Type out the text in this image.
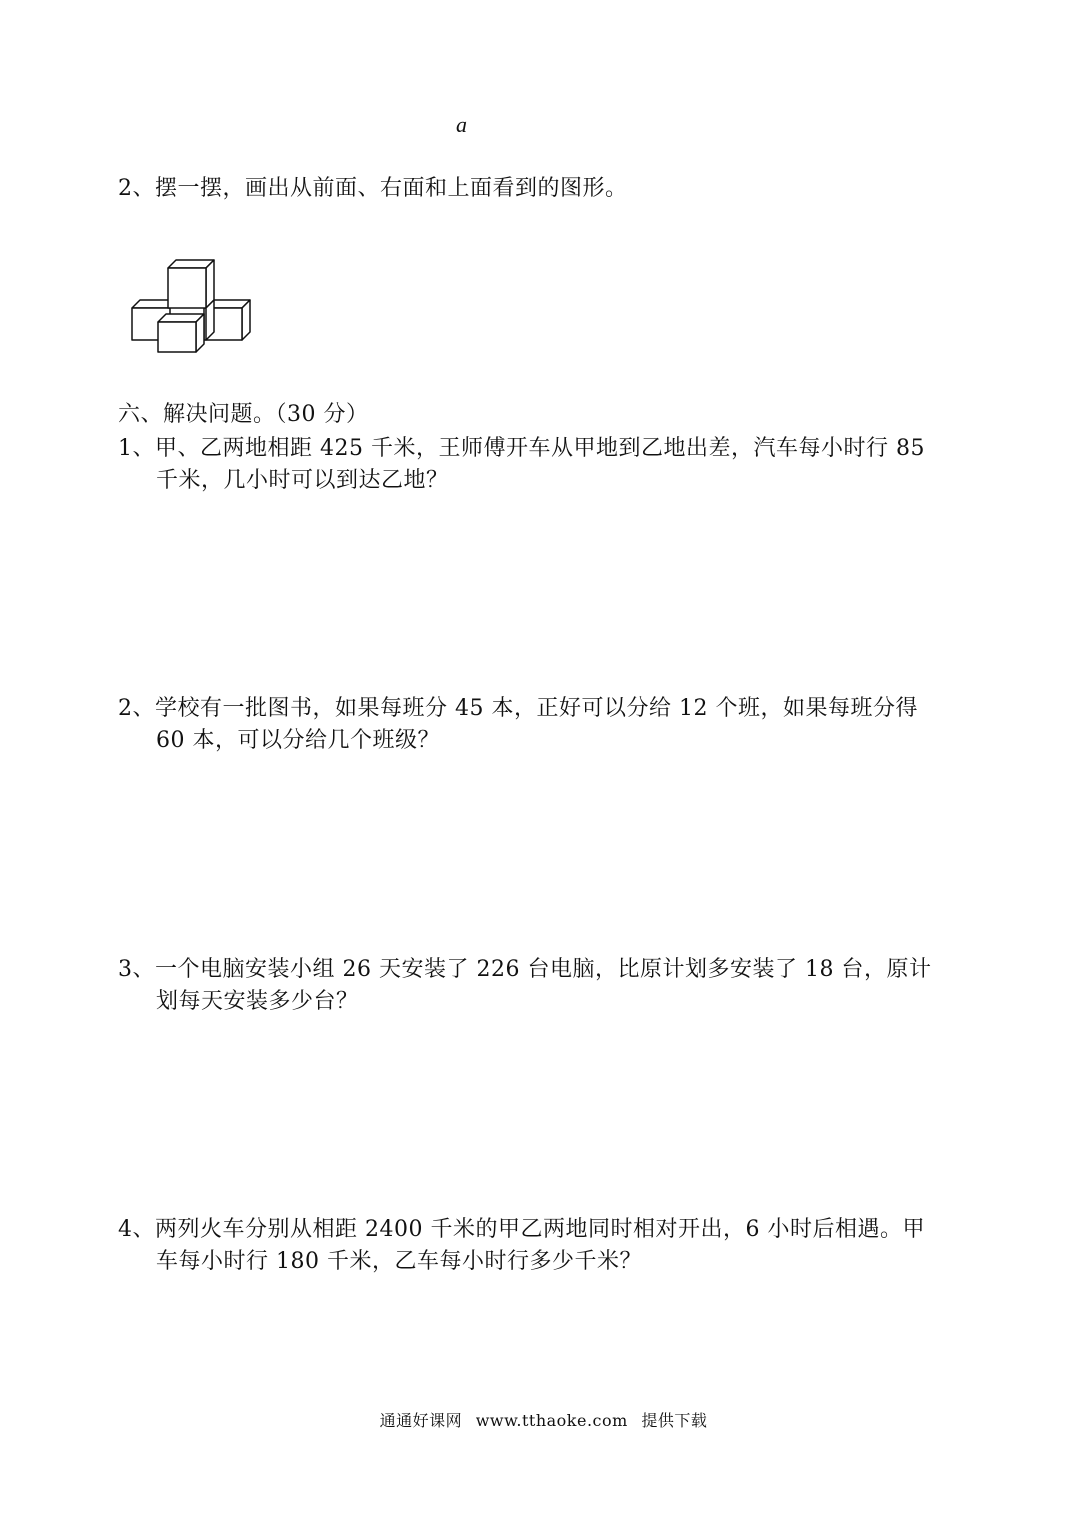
a
2、摆一摆，画出从前面、右面和上面看到的图形。
六、解决问题。（30 分）
1、甲、乙两地相距 425 千米，王师傅开车从甲地到乙地出差，汽车每小时行 85
千米，几小时可以到达乙地？
2、学校有一批图书，如果每班分 45 本，正好可以分给 12 个班，如果每班分得
60 本，可以分给几个班级？
3、一个电脑安装小组 26 天安装了 226 台电脑，比原计划多安装了 18 台，原计
划每天安装多少台？
4、两列火车分别从相距 2400 千米的甲乙两地同时相对开出，6 小时后相遇。甲
车每小时行 180 千米，乙车每小时行多少千米？
通通好课网 www.tthaoke.com 提供下载
